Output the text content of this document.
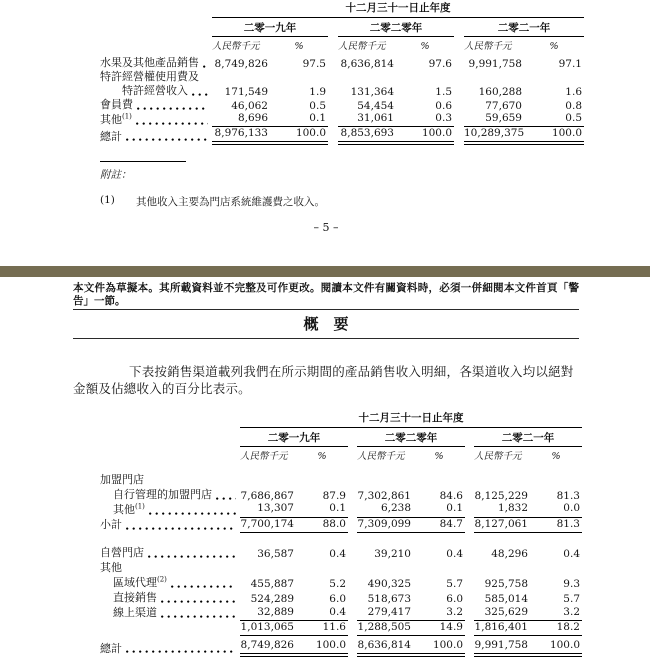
	十二月三十一日止年度							
	二零一九年			二零二零年			二零二一年	
	人民幣千元	%		人民幣千元	%		人民幣千元	%

水果及其他產品銷售	8,749,826	97.5		8,636,814	97.6		9,991,758	97.1

特許經營權使用費及								

特許經營收入	171,549	1.9		131,364	1.5		160,288	1.6

會員費	46,062	0.5		54,454	0.6		77,670	0.8

其他$^{(1)}$	8,696	0.1		31,061	0.3		59,659	0.5

總計	8,976,133	100.0		8,853,693	100.0		10,289,375	100.0
附註：
(1)	其他收入主要為門店系統維護費之收入。
– 5 –

本文件為草擬本。其所載資料並不完整及可作更改。閱讀本文件有關資料時，必須一併細閱本文件首頁「警告」一節。

概　要

下表按銷售渠道載列我們在所示期間的產品銷售收入明細，各渠道收入均以絕對金額及佔總收入的百分比表示。

	十二月三十一日止年度							
	二零一九年			二零二零年			二零二一年	
	人民幣千元	%		人民幣千元	%		人民幣千元	%

加盟門店								

自行管理的加盟門店	7,686,867	87.9		7,302,861	84.6		8,125,229	81.3

其他$^{(1)}$	13,307	0.1		6,238	0.1		1,832	0.0

小計	7,700,174	88.0		7,309,099	84.7		8,127,061	81.3

自營門店	36,587	0.4		39,210	0.4		48,296	0.4

其他								

區域代理$^{(2)}$	455,887	5.2		490,325	5.7		925,758	9.3

直接銷售	524,289	6.0		518,673	6.0		585,014	5.7

線上渠道	32,889	0.4		279,417	3.2		325,629	3.2

	1,013,065	11.6		1,288,505	14.9		1,816,401	18.2

總計	8,749,826	100.0		8,636,814	100.0		9,991,758	100.0
